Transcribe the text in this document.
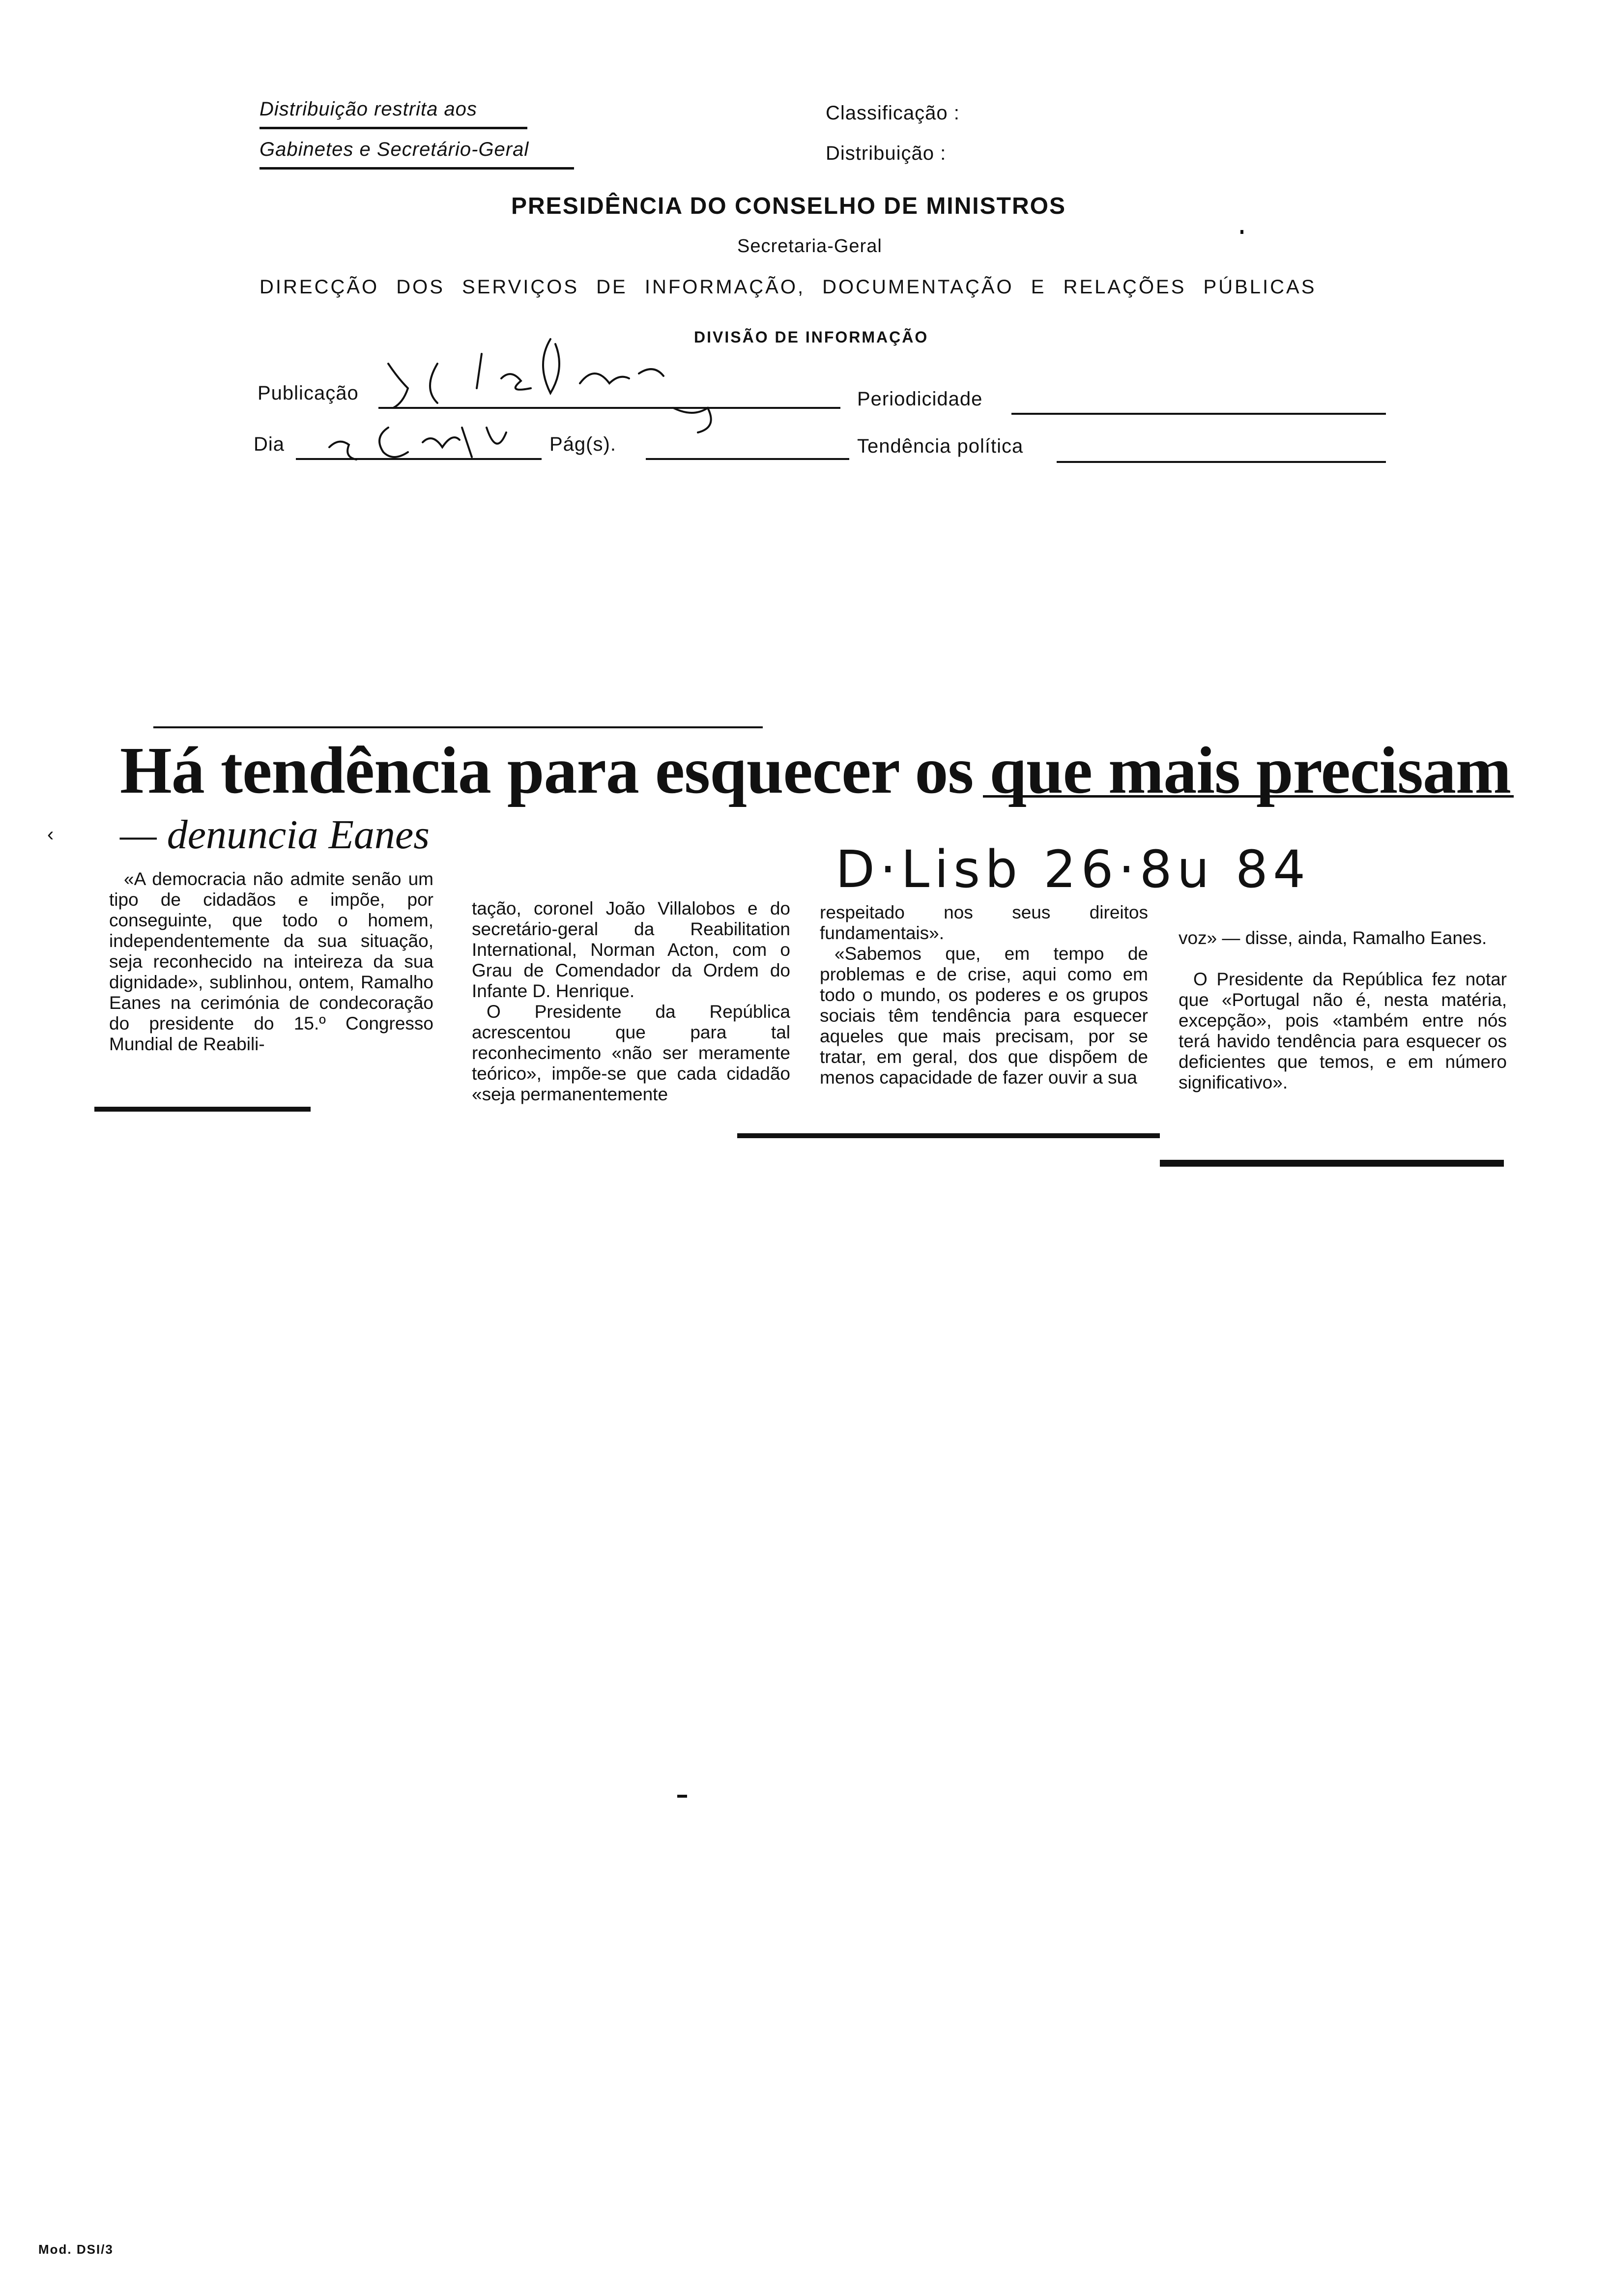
Distribuição restrita aos
Gabinetes e Secretário-Geral
Classificação :
Distribuição :
PRESIDÊNCIA DO CONSELHO DE MINISTROS
Secretaria-Geral
DIRECÇÃO DOS SERVIÇOS DE INFORMAÇÃO, DOCUMENTAÇÃO E RELAÇÕES PÚBLICAS
DIVISÃO DE INFORMAÇÃO
Publicação	Periodicidade
Dia	Pág(s).	Tendência política
Há tendência para esquecer os que mais precisam
— denuncia Eanes
D·Lisb 26·8u 84

«A democracia não admite senão um tipo de cidadãos e impõe, por conseguinte, que todo o homem, independentemente da sua situação, seja reconhecido na inteireza da sua dignidade», sublinhou, ontem, Ramalho Eanes na cerimónia de condecoração do presidente do 15.º Congresso Mundial de Reabili-

tação, coronel João Villalobos e do secretário-geral da Reabilitation International, Norman Acton, com o Grau de Comendador da Ordem do Infante D. Henrique.

O Presidente da República acrescentou que para tal reconhecimento «não ser meramente teórico», impõe-se que cada cidadão «seja permanentemente

respeitado nos seus direitos fundamentais».

«Sabemos que, em tempo de problemas e de crise, aqui como em todo o mundo, os poderes e os grupos sociais têm tendência para esquecer aqueles que mais precisam, por se tratar, em geral, dos que dispõem de menos capacidade de fazer ouvir a sua

voz» — disse, ainda, Ramalho Eanes.

O Presidente da República fez notar que «Portugal não é, nesta matéria, excepção», pois «também entre nós terá havido tendência para esquecer os deficientes que temos, e em número significativo».

‹
Mod. DSI/3
